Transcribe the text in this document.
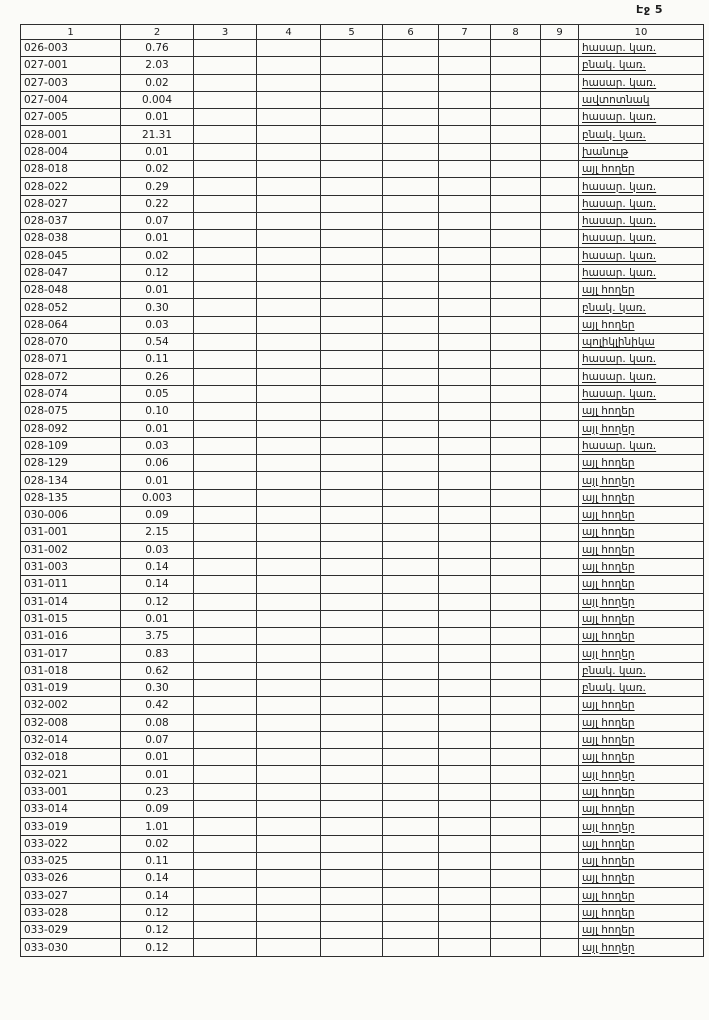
Էջ 5
1	2	3	4	5	6	7	8	9	10
026-003	0.76								հասար. կառ.
027-001	2.03								բնակ. կառ.
027-003	0.02								հասար. կառ.
027-004	0.004								ավտոտնակ
027-005	0.01								հասար. կառ.
028-001	21.31								բնակ. կառ.
028-004	0.01								խանութ
028-018	0.02								այլ հողեր
028-022	0.29								հասար. կառ.
028-027	0.22								հասար. կառ.
028-037	0.07								հասար. կառ.
028-038	0.01								հասար. կառ.
028-045	0.02								հասար. կառ.
028-047	0.12								հասար. կառ.
028-048	0.01								այլ հողեր
028-052	0.30								բնակ. կառ.
028-064	0.03								այլ հողեր
028-070	0.54								պոլիկլինիկա
028-071	0.11								հասար. կառ.
028-072	0.26								հասար. կառ.
028-074	0.05								հասար. կառ.
028-075	0.10								այլ հողեր
028-092	0.01								այլ հողեր
028-109	0.03								հասար. կառ.
028-129	0.06								այլ հողեր
028-134	0.01								այլ հողեր
028-135	0.003								այլ հողեր
030-006	0.09								այլ հողեր
031-001	2.15								այլ հողեր
031-002	0.03								այլ հողեր
031-003	0.14								այլ հողեր
031-011	0.14								այլ հողեր
031-014	0.12								այլ հողեր
031-015	0.01								այլ հողեր
031-016	3.75								այլ հողեր
031-017	0.83								այլ հողեր
031-018	0.62								բնակ. կառ.
031-019	0.30								բնակ. կառ.
032-002	0.42								այլ հողեր
032-008	0.08								այլ հողեր
032-014	0.07								այլ հողեր
032-018	0.01								այլ հողեր
032-021	0.01								այլ հողեր
033-001	0.23								այլ հողեր
033-014	0.09								այլ հողեր
033-019	1.01								այլ հողեր
033-022	0.02								այլ հողեր
033-025	0.11								այլ հողեր
033-026	0.14								այլ հողեր
033-027	0.14								այլ հողեր
033-028	0.12								այլ հողեր
033-029	0.12								այլ հողեր
033-030	0.12								այլ հողեր
